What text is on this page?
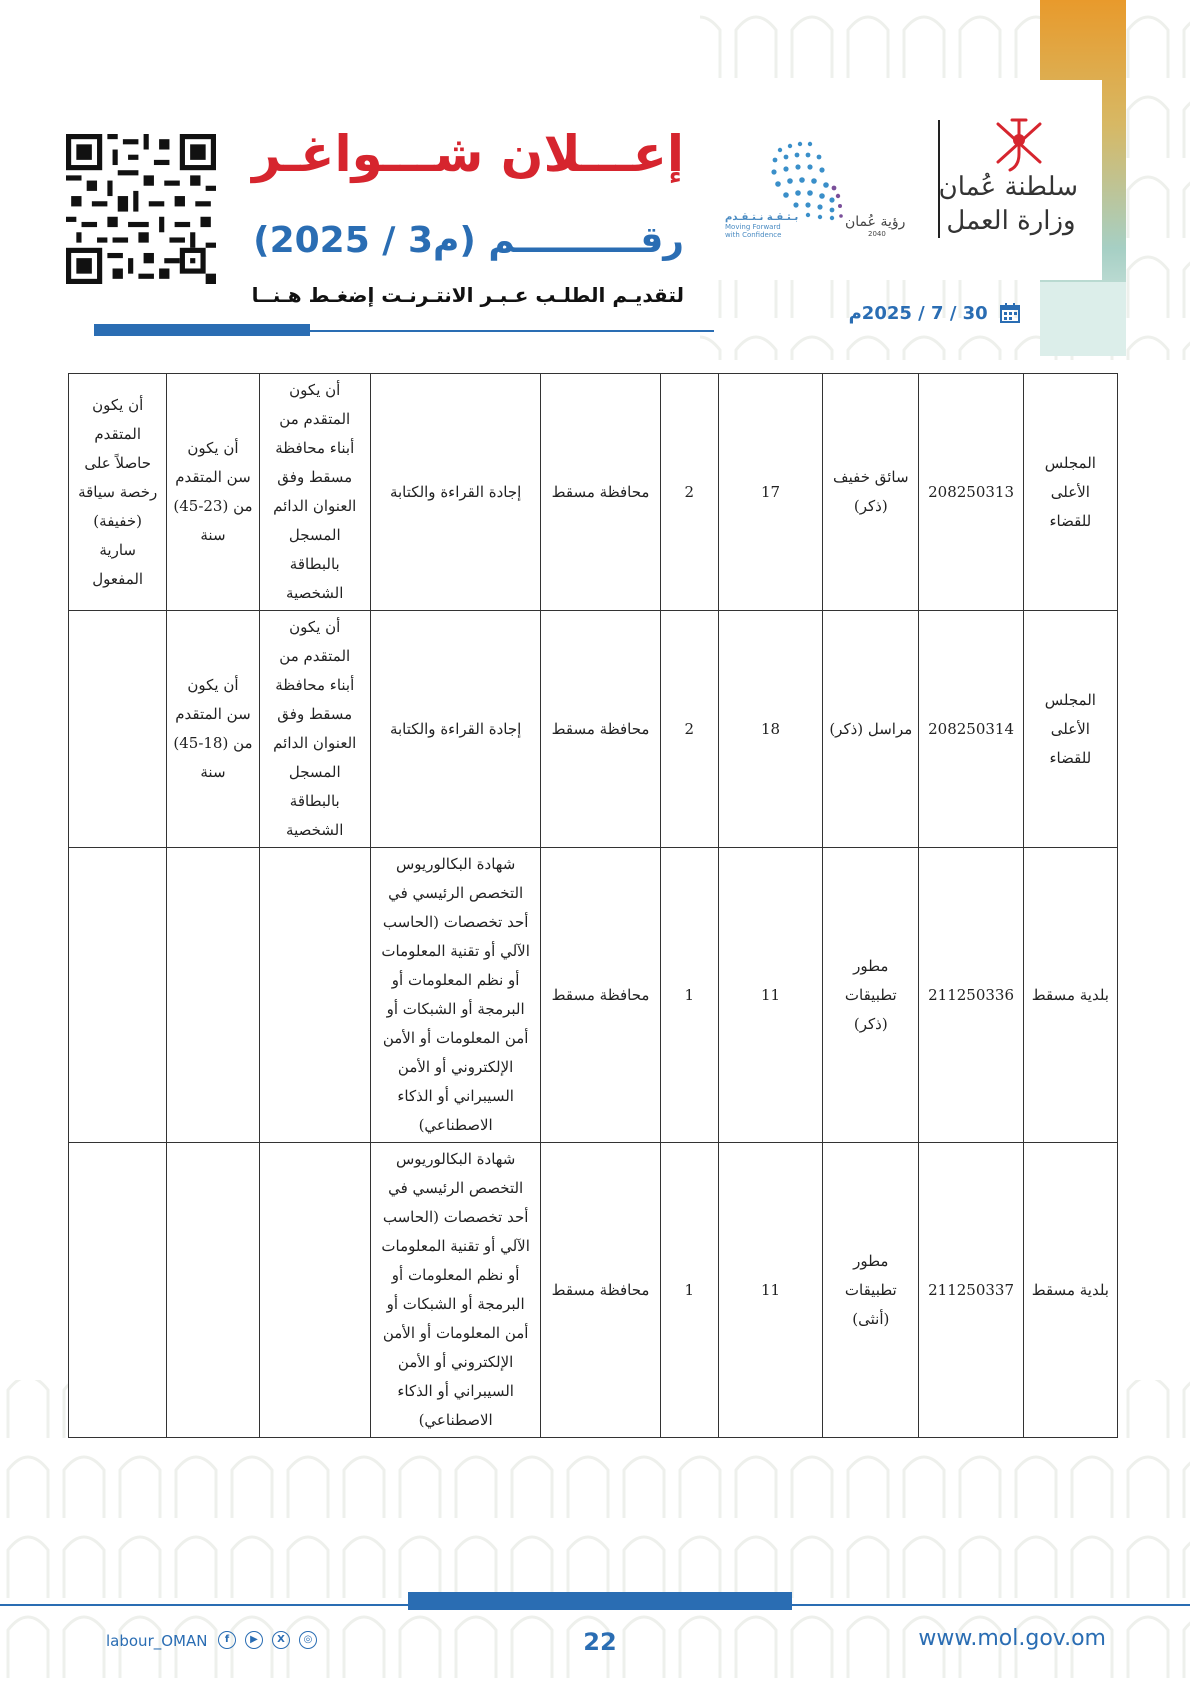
إعـــلان شـــواغـر
رقــــــــــم (م3 / 2025)
لتقديـم الطلـب عـبـر الانتـرنـت إضغـط هـنــا
بـثـقـة نـتـقـدم
Moving Forward
with Confidence
رؤية عُمان
2040
سلطنة عُمان
وزارة العمل
30 / 7 / 2025م
المجلس الأعلى للقضاء	208250313	سائق خفيف (ذكر)	17	2	محافظة مسقط	إجادة القراءة والكتابة	أن يكون المتقدم من أبناء محافظة مسقط وفق العنوان الدائم المسجل بالبطاقة الشخصية	أن يكون سن المتقدم من (23-45) سنة	أن يكون المتقدم حاصلاً على رخصة سياقة (خفيفة) سارية المفعول
المجلس الأعلى للقضاء	208250314	مراسل (ذكر)	18	2	محافظة مسقط	إجادة القراءة والكتابة	أن يكون المتقدم من أبناء محافظة مسقط وفق العنوان الدائم المسجل بالبطاقة الشخصية	أن يكون سن المتقدم من (18-45) سنة	
بلدية مسقط	211250336	مطور تطبيقات (ذكر)	11	1	محافظة مسقط	شهادة البكالوريوس التخصص الرئيسي في أحد تخصصات (الحاسب الآلي أو تقنية المعلومات أو نظم المعلومات أو البرمجة أو الشبكات أو أمن المعلومات أو الأمن الإلكتروني أو الأمن السيبراني أو الذكاء الاصطناعي)			
بلدية مسقط	211250337	مطور تطبيقات (أنثى)	11	1	محافظة مسقط	شهادة البكالوريوس التخصص الرئيسي في أحد تخصصات (الحاسب الآلي أو تقنية المعلومات أو نظم المعلومات أو البرمجة أو الشبكات أو أمن المعلومات أو الأمن الإلكتروني أو الأمن السيبراني أو الذكاء الاصطناعي)			
www.mol.gov.om
22
labour_OMAN	f	▶	X	◎
